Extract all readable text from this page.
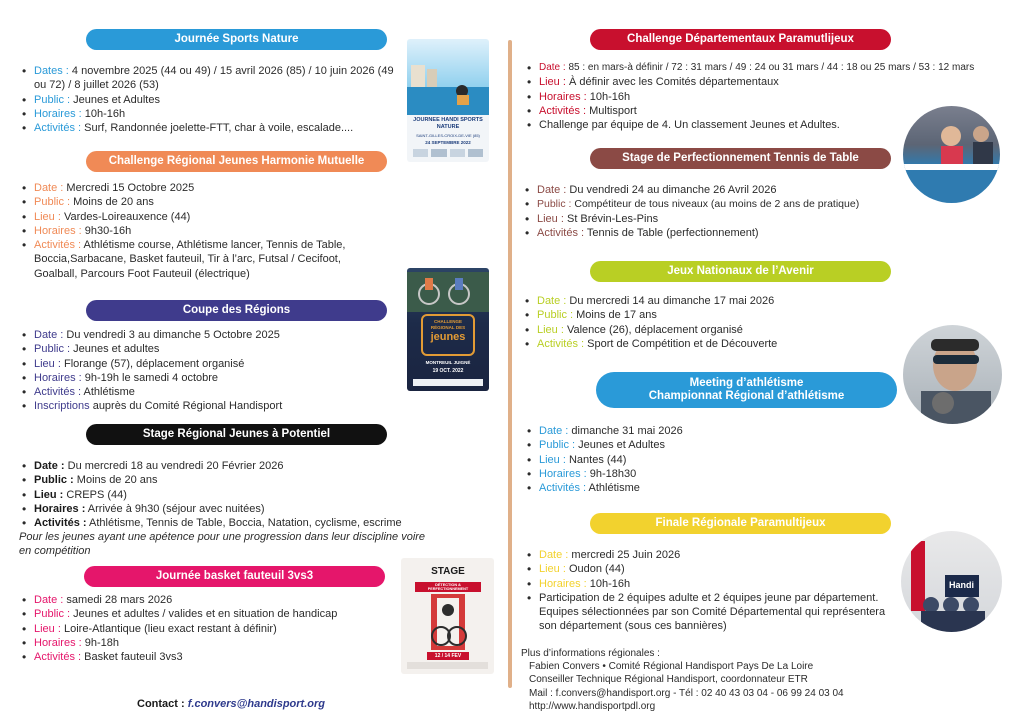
Journée Sports Nature
• Dates : 4 novembre 2025 (44 ou 49) / 15 avril 2026 (85) / 10 juin 2026 (49 ou 72) / 8 juillet 2026 (53)
• Public : Jeunes et Adultes
• Horaires : 10h-16h
• Activités : Surf, Randonnée joelette-FTT, char à voile, escalade....
JOURNEE HANDI SPORTS NATURE
SAINT-GILLES-CROIX-DE-VIE (85)
24 SEPTEMBRE 2022
Challenge Régional Jeunes Harmonie Mutuelle
• Date : Mercredi 15 Octobre 2025
• Public : Moins de 20 ans
• Lieu : Vardes-Loireauxence (44)
• Horaires : 9h30-16h
• Activités : Athlétisme course, Athlétisme lancer, Tennis de Table, Boccia,Sarbacane, Basket fauteuil, Tir à l’arc, Futsal / Cecifoot, Goalball, Parcours Foot Fauteuil (électrique)
CHALLENGE
RÉGIONAL DES
jeunes
MONTREUIL JUIGNÉ
19 OCT. 2022
Coupe des Régions
• Date : Du vendredi 3 au dimanche 5 Octobre 2025
• Public : Jeunes et adultes
• Lieu : Florange (57), déplacement organisé
• Horaires : 9h-19h le samedi 4 octobre
• Activités : Athlétisme
• Inscriptions auprès du Comité Régional Handisport
Stage Régional Jeunes à Potentiel
• Date : Du mercredi 18 au vendredi 20 Février 2026
• Public : Moins de 20 ans
• Lieu : CREPS (44)
• Horaires : Arrivée à 9h30 (séjour avec nuitées)
• Activités : Athlétisme, Tennis de Table, Boccia, Natation, cyclisme, escrime
Pour les jeunes ayant une apétence pour une progression dans leur discipline voire en compétition
Journée basket fauteuil 3vs3
• Date : samedi 28 mars 2026
• Public : Jeunes et adultes / valides et en situation de handicap
• Lieu : Loire-Atlantique (lieu exact restant à définir)
• Horaires : 9h-18h
• Activités : Basket fauteuil 3vs3
STAGE
DÉTECTION & PERFECTIONNEMENT
12 / 14 FEV
Contact : f.convers@handisport.org
Challenge Départementaux Paramutlijeux
• Date : 85 : en mars-à définir / 72 : 31 mars / 49 : 24 ou 31 mars / 44 : 18 ou 25 mars / 53 : 12 mars
• Lieu : À définir avec les Comités départementaux
• Horaires : 10h-16h
• Activités : Multisport
• Challenge par équipe de 4. Un classement Jeunes et Adultes.
Stage de Perfectionnement Tennis de Table
• Date : Du vendredi 24 au dimanche 26 Avril 2026
• Public : Compétiteur de tous niveaux (au moins de 2 ans de pratique)
• Lieu : St Brévin-Les-Pins
• Activités : Tennis de Table (perfectionnement)
Jeux Nationaux de l’Avenir
• Date : Du mercredi 14 au dimanche 17 mai 2026
• Public : Moins de 17 ans
• Lieu : Valence (26), déplacement organisé
• Activités : Sport de Compétition et de Découverte
Meeting d’athlétisme
Championnat Régional d’athlétisme
• Date : dimanche 31 mai 2026
• Public : Jeunes et Adultes
• Lieu : Nantes (44)
• Horaires : 9h-18h30
• Activités : Athlétisme
Finale Régionale Paramultijeux
• Date : mercredi 25 Juin 2026
• Lieu : Oudon (44)
• Horaires : 10h-16h
• Participation de 2 équipes adulte et 2 équipes jeune par département. Equipes sélectionnées par son Comité Départemental qui représentera son département (sous ces bannières)
Handi
Plus d’informations régionales :
Fabien Convers • Comité Régional Handisport Pays De La Loire
Conseiller Technique Régional Handisport, coordonnateur ETR
Mail : f.convers@handisport.org - Tél : 02 40 43 03 04 - 06 99 24 03 04
http://www.handisportpdl.org
